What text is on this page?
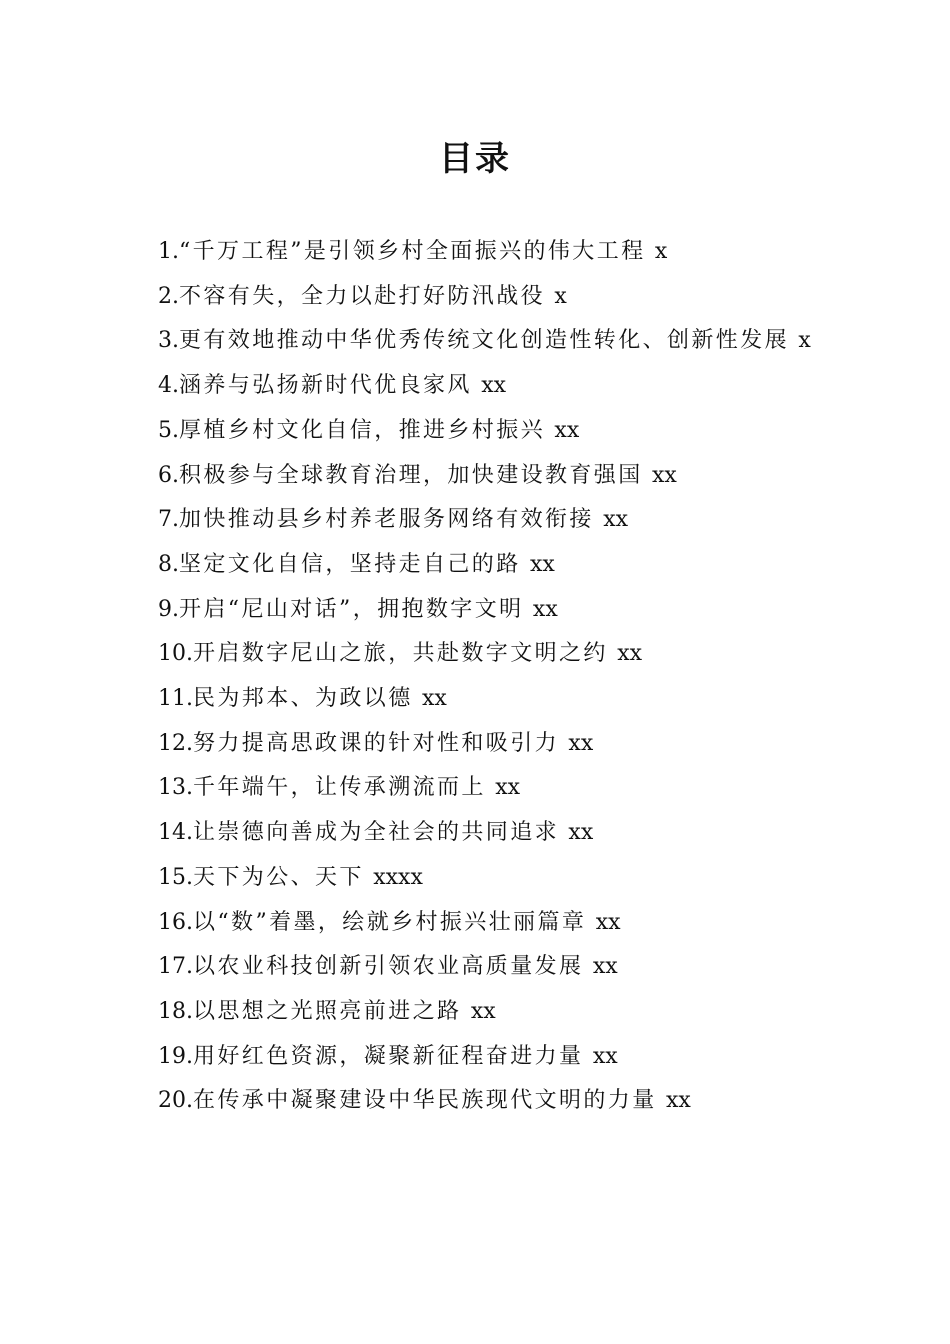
目录
1.“千万工程”是引领乡村全面振兴的伟大工程 x
2.不容有失，全力以赴打好防汛战役 x
3.更有效地推动中华优秀传统文化创造性转化、创新性发展 x
4.涵养与弘扬新时代优良家风 xx
5.厚植乡村文化自信，推进乡村振兴 xx
6.积极参与全球教育治理，加快建设教育强国 xx
7.加快推动县乡村养老服务网络有效衔接 xx
8.坚定文化自信，坚持走自己的路 xx
9.开启“尼山对话”，拥抱数字文明 xx
10.开启数字尼山之旅，共赴数字文明之约 xx
11.民为邦本、为政以德 xx
12.努力提高思政课的针对性和吸引力 xx
13.千年端午，让传承溯流而上 xx
14.让崇德向善成为全社会的共同追求 xx
15.天下为公、天下 xxxx
16.以“数”着墨，绘就乡村振兴壮丽篇章 xx
17.以农业科技创新引领农业高质量发展 xx
18.以思想之光照亮前进之路 xx
19.用好红色资源，凝聚新征程奋进力量 xx
20.在传承中凝聚建设中华民族现代文明的力量 xx
